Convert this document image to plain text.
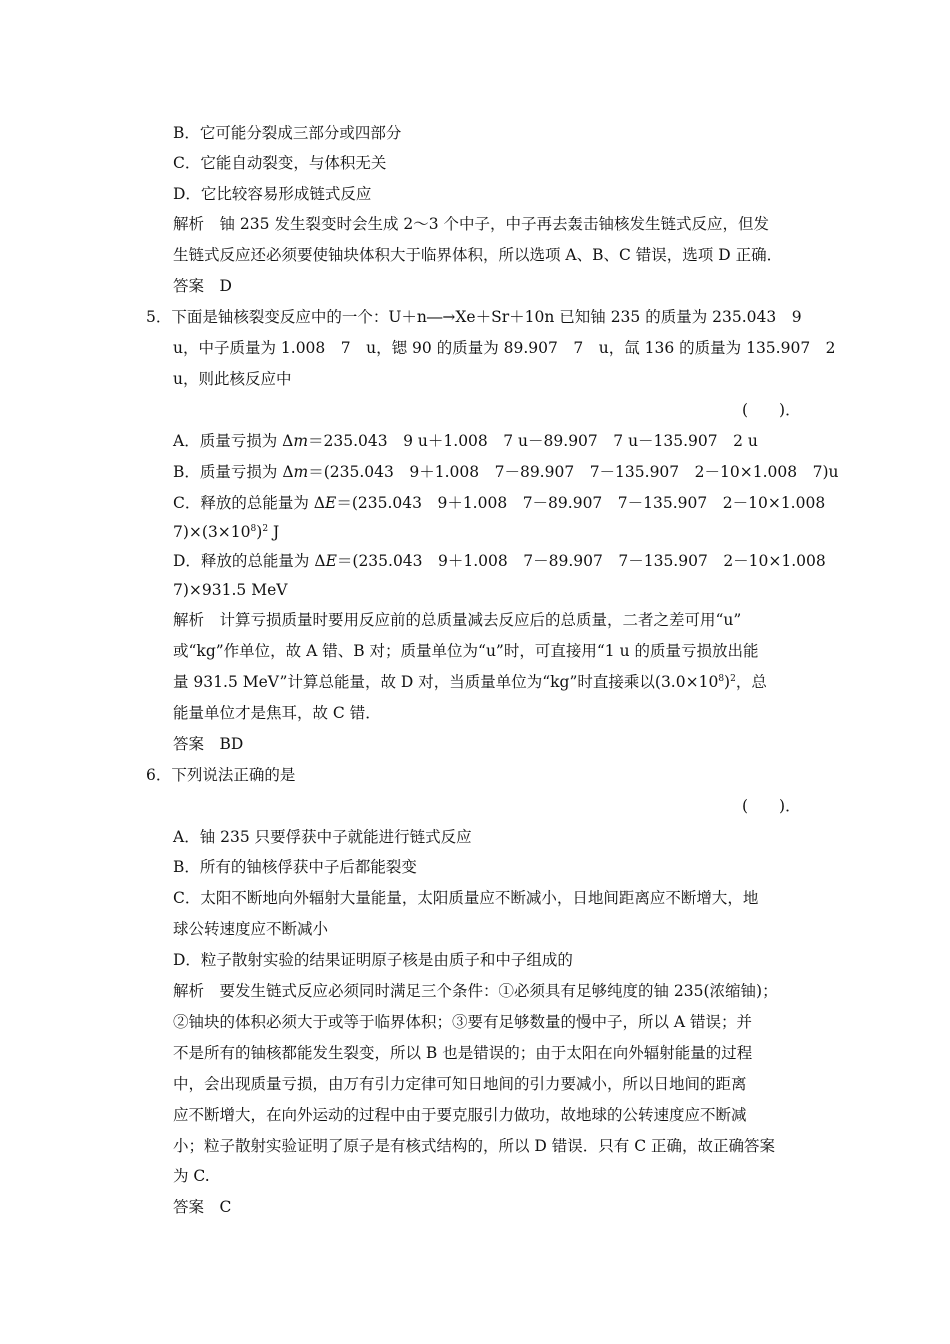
B．它可能分裂成三部分或四部分
C．它能自动裂变，与体积无关
D．它比较容易形成链式反应
解析　铀 235 发生裂变时会生成 2～3 个中子，中子再去轰击铀核发生链式反应，但发
生链式反应还必须要使铀块体积大于临界体积，所以选项 A、B、C 错误，选项 D 正确．
答案　D
5．下面是铀核裂变反应中的一个：U＋n―→Xe＋Sr＋10n 已知铀 235 的质量为 235.043　9
u，中子质量为 1.008　7　u，锶 90 的质量为 89.907　7　u，氙 136 的质量为 135.907　2
u，则此核反应中
(　　)．
A．质量亏损为 Δm＝235.043　9 u＋1.008　7 u－89.907　7 u－135.907　2 u
B．质量亏损为 Δm＝(235.043　9＋1.008　7－89.907　7－135.907　2－10×1.008　7)u
C．释放的总能量为 ΔE＝(235.043　9＋1.008　7－89.907　7－135.907　2－10×1.008
$7)\times(3\times 10^8)^2$ J
D．释放的总能量为 ΔE＝(235.043　9＋1.008　7－89.907　7－135.907　2－10×1.008
7)×931.5 MeV
解析　计算亏损质量时要用反应前的总质量减去反应后的总质量，二者之差可用“u”
或“kg”作单位，故 A 错、B 对；质量单位为“u”时，可直接用“1 u 的质量亏损放出能
量 931.5 MeV”计算总能量，故 D 对，当质量单位为“kg”时直接乘以$(3.0\times 10^8)^2$，总
能量单位才是焦耳，故 C 错．
答案　BD
6．下列说法正确的是
(　　)．
A．铀 235 只要俘获中子就能进行链式反应
B．所有的铀核俘获中子后都能裂变
C．太阳不断地向外辐射大量能量，太阳质量应不断减小，日地间距离应不断增大，地
球公转速度应不断减小
D．粒子散射实验的结果证明原子核是由质子和中子组成的
解析　要发生链式反应必须同时满足三个条件：①必须具有足够纯度的铀 235(浓缩铀)；
②铀块的体积必须大于或等于临界体积；③要有足够数量的慢中子，所以 A 错误；并
不是所有的铀核都能发生裂变，所以 B 也是错误的；由于太阳在向外辐射能量的过程
中，会出现质量亏损，由万有引力定律可知日地间的引力要减小，所以日地间的距离
应不断增大，在向外运动的过程中由于要克服引力做功，故地球的公转速度应不断减
小；粒子散射实验证明了原子是有核式结构的，所以 D 错误．只有 C 正确，故正确答案
为 C.
答案　C
